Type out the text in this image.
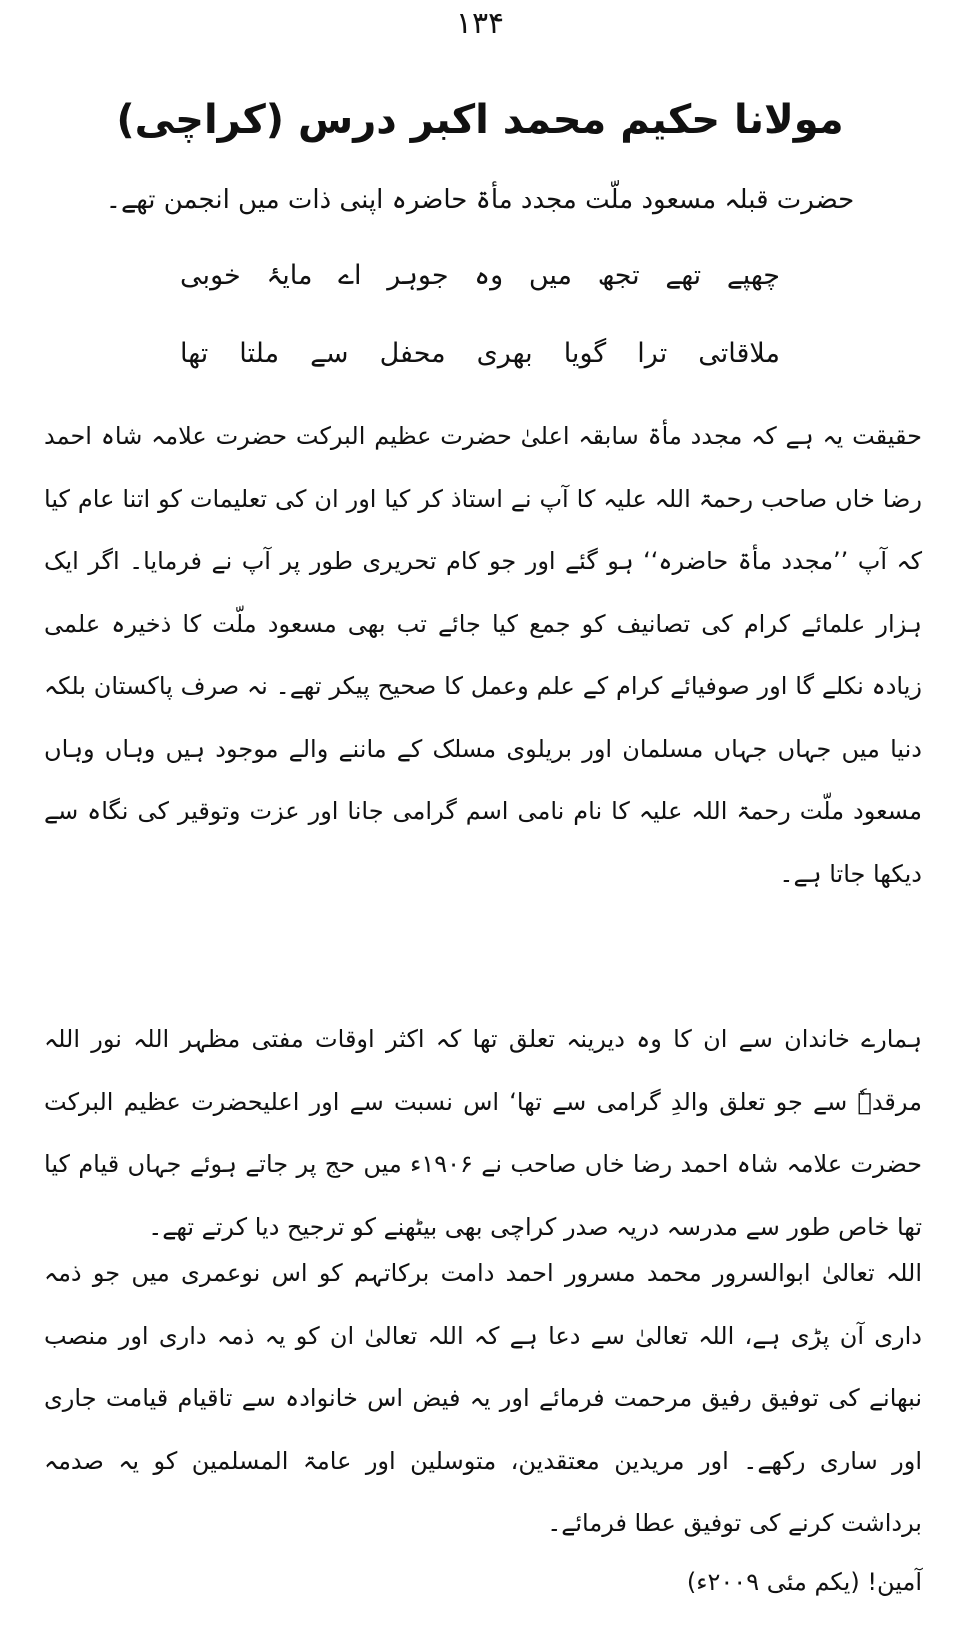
۱۳۴
مولانا حکیم محمد اکبر درس (کراچی)
حضرت قبلہ مسعود ملّت مجدد مأۃ حاضرہ اپنی ذات میں انجمن تھے۔
چھپے
تھے
تجھ
میں
وہ
جوہر
اے
مایۂ
خوبی
ملاقاتی
ترا
گویا
بھری
محفل
سے
ملتا
تھا

حقیقت یہ ہے کہ مجدد مأۃ سابقہ اعلیٰ حضرت عظیم البرکت حضرت علامہ شاہ احمد رضا خاں صاحب رحمۃ اللہ علیہ کا آپ نے استاذ کر کیا اور ان کی تعلیمات کو اتنا عام کیا کہ آپ ’’مجدد مأۃ حاضرہ‘‘ ہو گئے اور جو کام تحریری طور پر آپ نے فرمایا۔ اگر ایک ہزار علمائے کرام کی تصانیف کو جمع کیا جائے تب بھی مسعود ملّت کا ذخیرہ علمی زیادہ نکلے گا اور صوفیائے کرام کے علم وعمل کا صحیح پیکر تھے۔ نہ صرف پاکستان بلکہ دنیا میں جہاں جہاں مسلمان اور بریلوی مسلک کے ماننے والے موجود ہیں وہاں وہاں مسعود ملّت رحمۃ اللہ علیہ کا نام نامی اسم گرامی جانا اور عزت وتوقیر کی نگاہ سے دیکھا جاتا ہے۔

ہمارے خاندان سے ان کا وہ دیرینہ تعلق تھا کہ اکثر اوقات مفتی مظہر اللہ نور اللہ مرقدہٗ سے جو تعلق والدِ گرامی سے تھا‘ اس نسبت سے اور اعلیحضرت عظیم البرکت حضرت علامہ شاہ احمد رضا خاں صاحب نے ۱۹۰۶ء میں حج پر جاتے ہوئے جہاں قیام کیا تھا خاص طور سے مدرسہ دریہ صدر کراچی بھی بیٹھنے کو ترجیح دیا کرتے تھے۔

اللہ تعالیٰ ابوالسرور محمد مسرور احمد دامت برکاتہم کو اس نوعمری میں جو ذمہ داری آن پڑی ہے، اللہ تعالیٰ سے دعا ہے کہ اللہ تعالیٰ ان کو یہ ذمہ داری اور منصب نبھانے کی توفیق رفیق مرحمت فرمائے اور یہ فیض اس خانوادہ سے تاقیام قیامت جاری اور ساری رکھے۔ اور مریدین معتقدین، متوسلین اور عامۃ المسلمین کو یہ صدمہ برداشت کرنے کی توفیق عطا فرمائے۔

آمین! (یکم مئی ۲۰۰۹ء)
